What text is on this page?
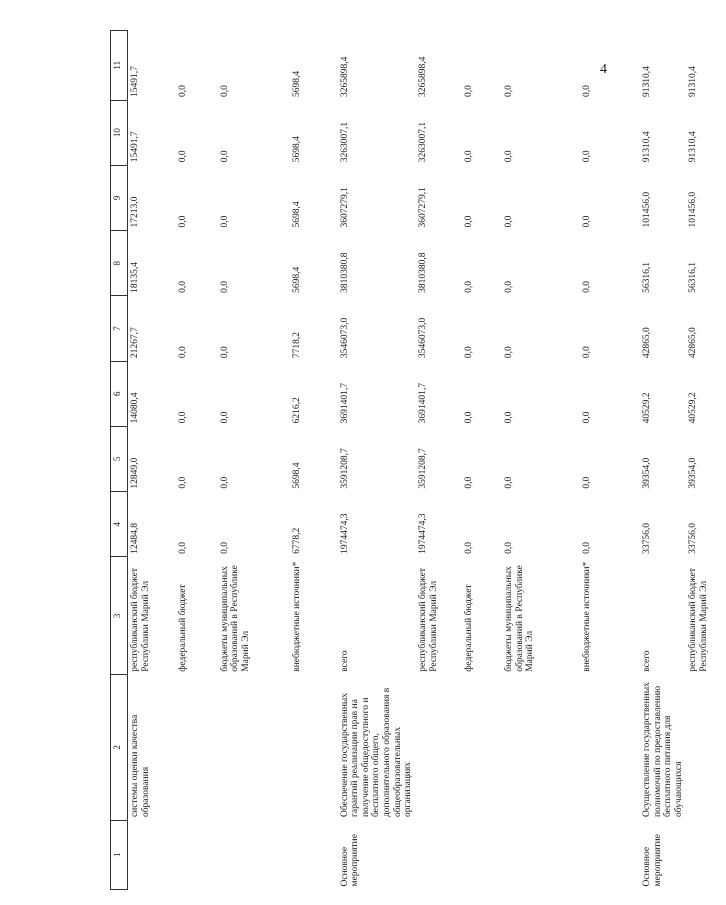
4
1	2	3	4	5	6	7	8	9	10	11
	системы оценки качества образования	республиканский бюджет Республики Марий Эл	12484,8	12849,0	14080,4	21267,7	18135,4	17213,0	15491,7	15491,7
		федеральный бюджет	0,0	0,0	0,0	0,0	0,0	0,0	0,0	0,0
		бюджеты муниципальных образований в Республике Марий Эл	0,0	0,0	0,0	0,0	0,0	0,0	0,0	0,0
		внебюджетные источники*	6778,2	5698,4	6216,2	7718,2	5698,4	5698,4	5698,4	5698,4
Основное мероприятие	Обеспечение государственных гарантий реализации прав на получение общедоступного и бесплатного общего, дополнительного образования в общеобразовательных организациях	всего	1974474,3	3591208,7	3691401,7	3546073,0	3810380,8	3607279,1	3263007,1	3265898,4
		республиканский бюджет Республики Марий Эл	1974474,3	3591208,7	3691401,7	3546073,0	3810380,8	3607279,1	3263007,1	3265898,4
		федеральный бюджет	0,0	0,0	0,0	0,0	0,0	0,0	0,0	0,0
		бюджеты муниципальных образований в Республике Марий Эл	0,0	0,0	0,0	0,0	0,0	0,0	0,0	0,0
		внебюджетные источники*	0,0	0,0	0,0	0,0	0,0	0,0	0,0	0,0
Основное мероприятие	Осуществление государственных полномочий по предоставлению бесплатного питания для обучающихся	всего	33756,0	39354,0	40529,2	42865,0	56316,1	101456,0	91310,4	91310,4
		республиканский бюджет Республики Марий Эл	33756,0	39354,0	40529,2	42865,0	56316,1	101456,0	91310,4	91310,4
